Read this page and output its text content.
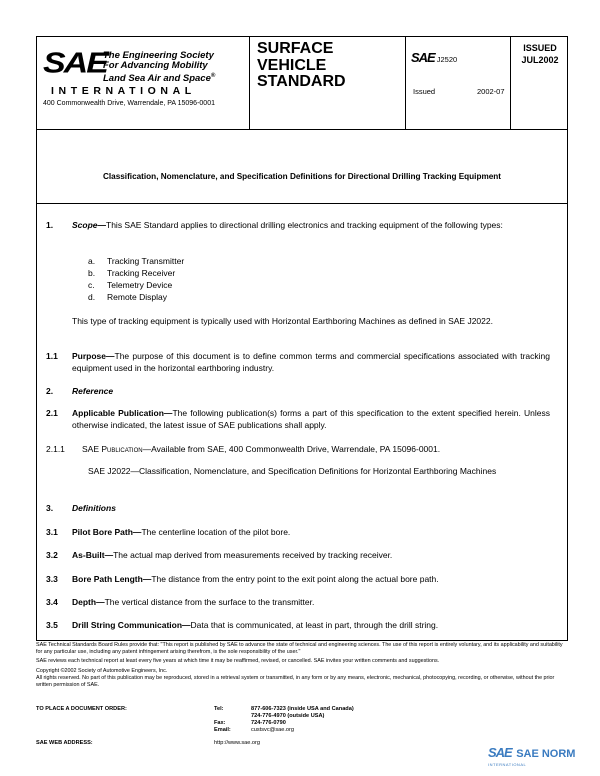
SAE
The Engineering Society
For Advancing Mobility
Land Sea Air and Space®
INTERNATIONAL
400 Commonwealth Drive, Warrendale, PA 15096-0001
SURFACE
VEHICLE
STANDARD
SAE J2520
Issued	2002-07
ISSUED
JUL2002
Classification, Nomenclature, and Specification Definitions for Directional Drilling Tracking Equipment
1. Scope—This SAE Standard applies to directional drilling electronics and tracking equipment of the following types:
a. Tracking Transmitter
b. Tracking Receiver
c. Telemetry Device
d. Remote Display
This type of tracking equipment is typically used with Horizontal Earthboring Machines as defined in SAE J2022.
1.1 Purpose—The purpose of this document is to define common terms and commercial specifications associated with tracking equipment used in the horizontal earthboring industry.
2. Reference
2.1 Applicable Publication—The following publication(s) forms a part of this specification to the extent specified herein. Unless otherwise indicated, the latest issue of SAE publications shall apply.
2.1.1 SAE Publication—Available from SAE, 400 Commonwealth Drive, Warrendale, PA 15096-0001.
SAE J2022—Classification, Nomenclature, and Specification Definitions for Horizontal Earthboring Machines
3. Definitions
3.1 Pilot Bore Path—The centerline location of the pilot bore.
3.2 As-Built—The actual map derived from measurements received by tracking receiver.
3.3 Bore Path Length—The distance from the entry point to the exit point along the actual bore path.
3.4 Depth—The vertical distance from the surface to the transmitter.
3.5 Drill String Communication—Data that is communicated, at least in part, through the drill string.
SAE Technical Standards Board Rules provide that: "This report is published by SAE to advance the state of technical and engineering sciences. The use of this report is entirely voluntary, and its applicability and suitability for any particular use, including any patent infringement arising therefrom, is the sole responsibility of the user."
SAE reviews each technical report at least every five years at which time it may be reaffirmed, revised, or cancelled. SAE invites your written comments and suggestions.
Copyright ©2002 Society of Automotive Engineers, Inc.
All rights reserved. No part of this publication may be reproduced, stored in a retrieval system or transmitted, in any form or by any means, electronic, mechanical, photocopying, recording, or otherwise, without the prior written permission of SAE.
TO PLACE A DOCUMENT ORDER:	Tel:	877-606-7323 (inside USA and Canada)
724-776-4970 (outside USA)
Fax:	724-776-0790
Email:	custsvc@sae.org
SAE WEB ADDRESS:	http://www.sae.org
SAE SAE NORM
INTERNATIONAL
